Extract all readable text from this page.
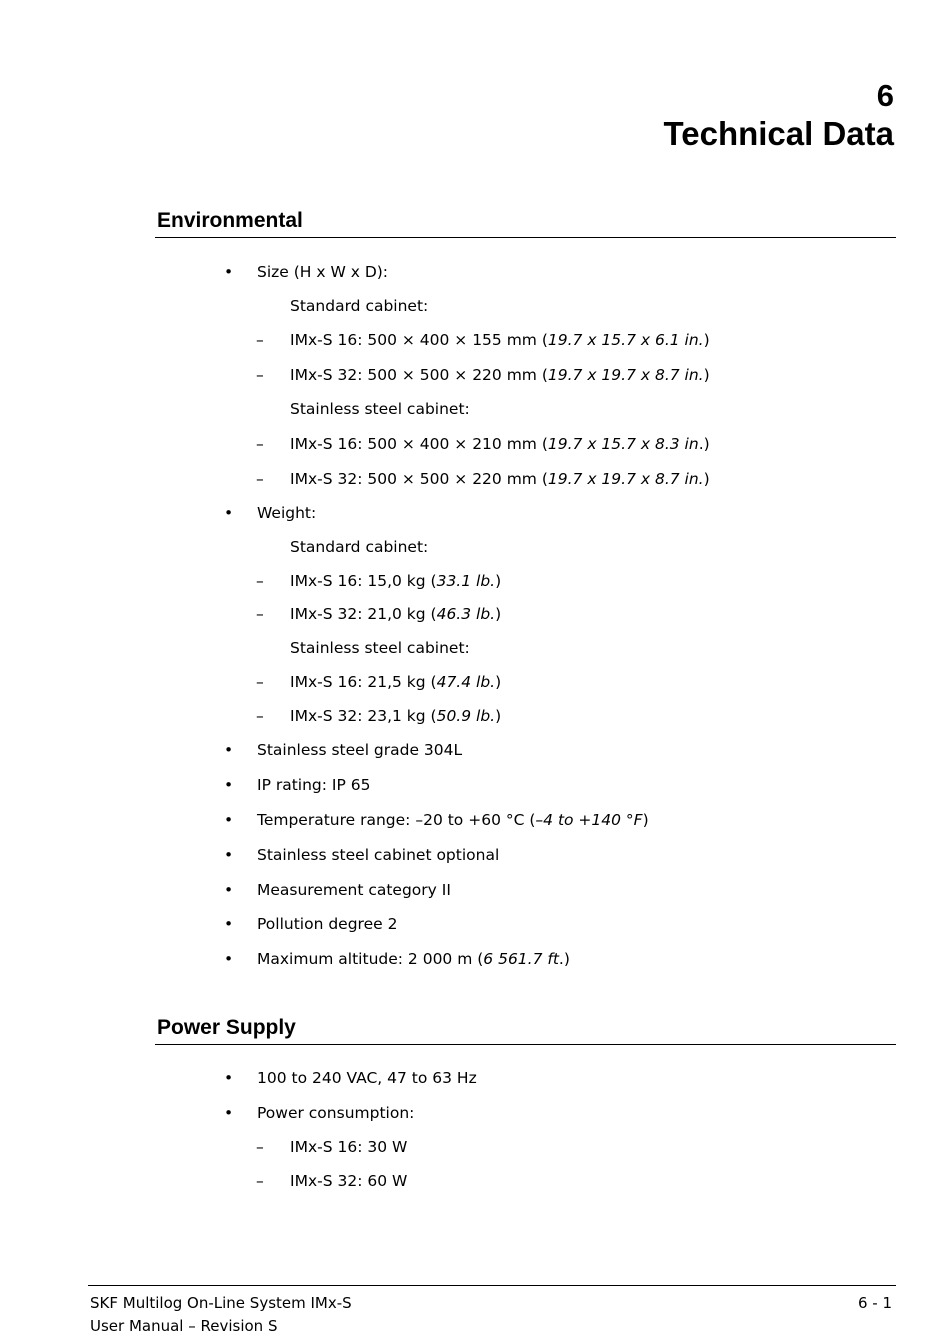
6
Technical Data
Environmental
• Size (H x W x D):
Standard cabinet:
– IMx-S 16: 500 × 400 × 155 mm (19.7 x 15.7 x 6.1 in.)
– IMx-S 32: 500 × 500 × 220 mm (19.7 x 19.7 x 8.7 in.)
Stainless steel cabinet:
– IMx-S 16: 500 × 400 × 210 mm (19.7 x 15.7 x 8.3 in.)
– IMx-S 32: 500 × 500 × 220 mm (19.7 x 19.7 x 8.7 in.)
• Weight:
Standard cabinet:
– IMx-S 16: 15,0 kg (33.1 lb.)
– IMx-S 32: 21,0 kg (46.3 lb.)
Stainless steel cabinet:
– IMx-S 16: 21,5 kg (47.4 lb.)
– IMx-S 32: 23,1 kg (50.9 lb.)
• Stainless steel grade 304L
• IP rating: IP 65
• Temperature range: –20 to +60 °C (–4 to +140 °F)
• Stainless steel cabinet optional
• Measurement category II
• Pollution degree 2
• Maximum altitude: 2 000 m (6 561.7 ft.)
Power Supply
• 100 to 240 VAC, 47 to 63 Hz
• Power consumption:
– IMx-S 16: 30 W
– IMx-S 32: 60 W
SKF Multilog On-Line System IMx-S
User Manual – Revision S
6 - 1
